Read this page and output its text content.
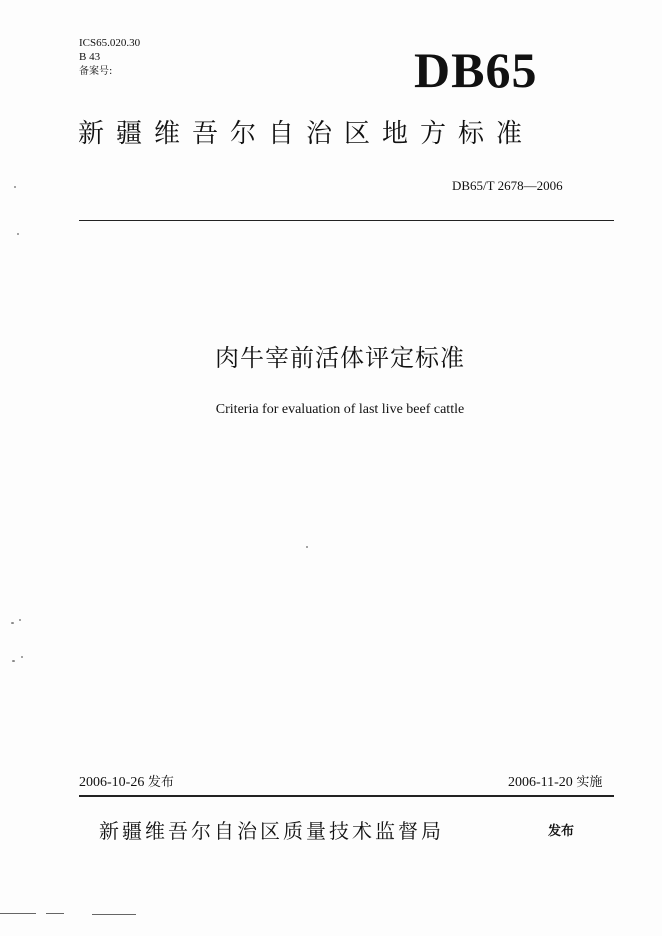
ICS65.020.30
B 43
备案号:	DB65
新疆维吾尔自治区地方标准
DB65/T 2678—2006
肉牛宰前活体评定标准
Criteria for evaluation of last live beef cattle
2006-10-26 发布	2006-11-20 实施
新疆维吾尔自治区质量技术监督局	发布
